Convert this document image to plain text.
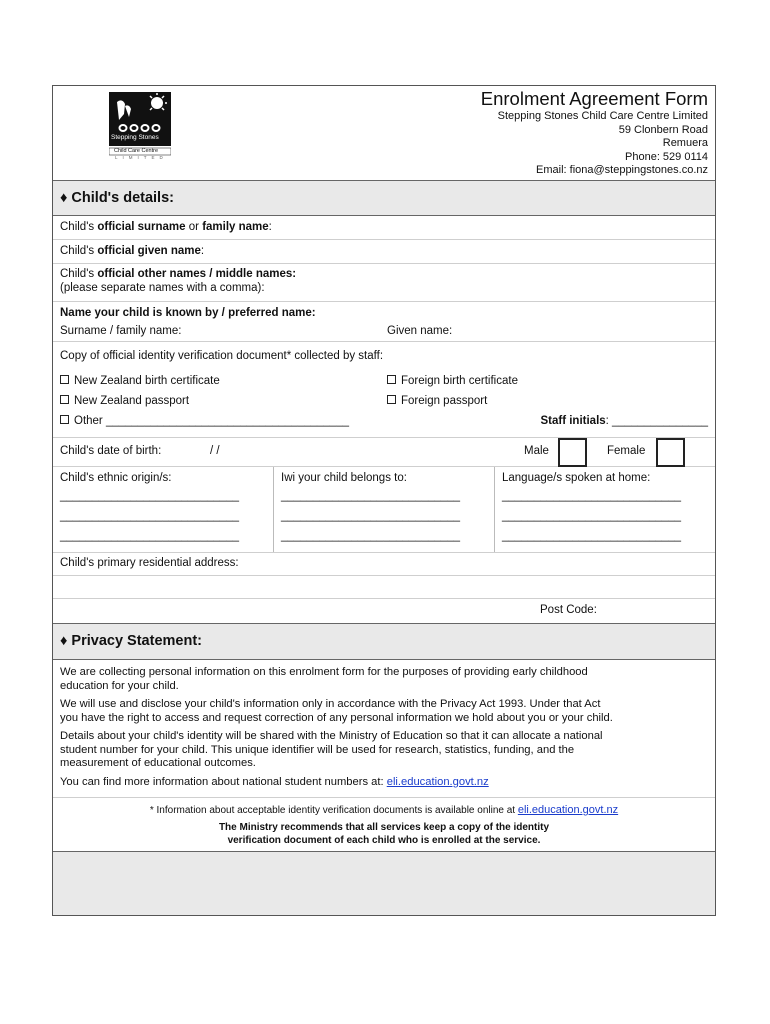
Stepping Stones
Child Care Centre
LIMITED
Enrolment Agreement Form
Stepping Stones Child Care Centre Limited
59 Clonbern Road
Remuera
Phone: 529 0114
Email: fiona@steppingstones.co.nz
♦ Child's details:
Child's official surname or family name:
Child's official given name:
Child's official other names / middle names:
(please separate names with a comma):
Name your child is known by / preferred name:
Surname / family name:	Given name:
Copy of official identity verification document* collected by staff:
New Zealand birth certificate	Foreign birth certificate
New Zealand passport	Foreign passport
Other ______________________________________	Staff initials: _______________
Child's date of birth:	/ /	Male	Female
Child's ethnic origin/s:	Iwi your child belongs to:	Language/s spoken at home:
____________________________
____________________________
____________________________
____________________________
____________________________
____________________________
____________________________
____________________________
____________________________
Child's primary residential address:
Post Code:
♦ Privacy Statement:
We are collecting personal information on this enrolment form for the purposes of providing early childhood
education for your child.
We will use and disclose your child's information only in accordance with the Privacy Act 1993. Under that Act
you have the right to access and request correction of any personal information we hold about you or your child.
Details about your child's identity will be shared with the Ministry of Education so that it can allocate a national
student number for your child. This unique identifier will be used for research, statistics, funding, and the
measurement of educational outcomes.
You can find more information about national student numbers at: eli.education.govt.nz
* Information about acceptable identity verification documents is available online at eli.education.govt.nz
The Ministry recommends that all services keep a copy of the identity
verification document of each child who is enrolled at the service.
